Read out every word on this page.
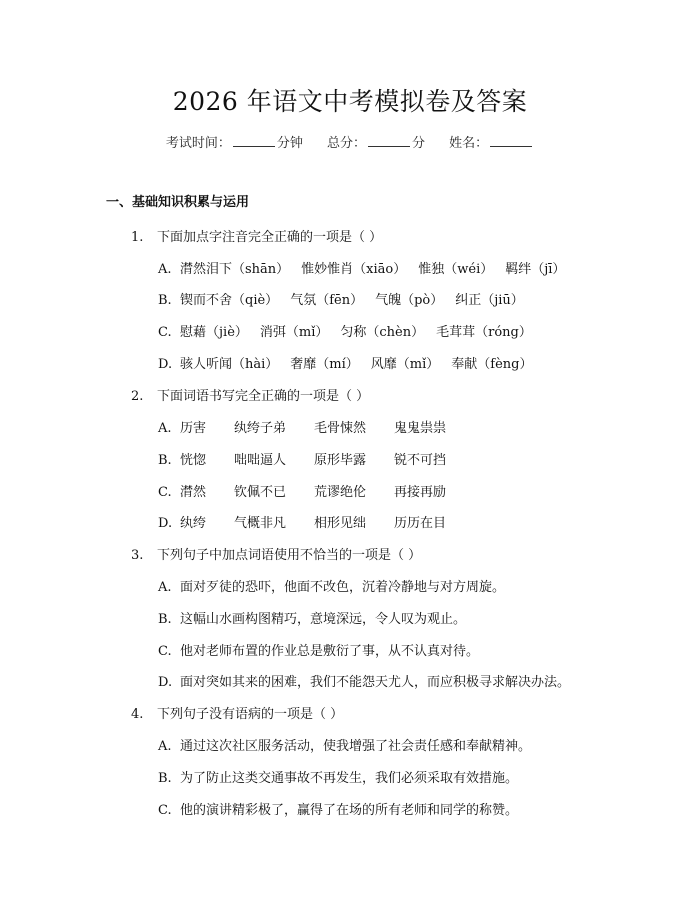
2026 年语文中考模拟卷及答案
考试时间：	分钟 总分：	分 姓名：
一、基础知识积累与运用
1. 下面加点字注音完全正确的一项是（ ）
A. 潸然泪下（shān） 惟妙惟肖（xiāo） 惟独（wéi） 羁绊（jī）
B. 锲而不舍（qiè） 气氛（fēn） 气魄（pò） 纠正（jiū）
C. 慰藉（jiè） 消弭（mǐ） 匀称（chèn） 毛茸茸（róng）
D. 骇人听闻（hài） 奢靡（mí） 风靡（mǐ） 奉献（fèng）
2. 下面词语书写完全正确的一项是（ ）
A. 历害 纨绔子弟 毛骨悚然 鬼鬼祟祟
B. 恍惚 咄咄逼人 原形毕露 锐不可挡
C. 潸然 钦佩不已 荒谬绝伦 再接再励
D. 纨绔 气概非凡 相形见绌 历历在目
3. 下列句子中加点词语使用不恰当的一项是（ ）
A. 面对歹徒的恐吓，他面不改色，沉着冷静地与对方周旋。
B. 这幅山水画构图精巧，意境深远，令人叹为观止。
C. 他对老师布置的作业总是敷衍了事，从不认真对待。
D. 面对突如其来的困难，我们不能怨天尤人，而应积极寻求解决办法。
4. 下列句子没有语病的一项是（ ）
A. 通过这次社区服务活动，使我增强了社会责任感和奉献精神。
B. 为了防止这类交通事故不再发生，我们必须采取有效措施。
C. 他的演讲精彩极了，赢得了在场的所有老师和同学的称赞。
